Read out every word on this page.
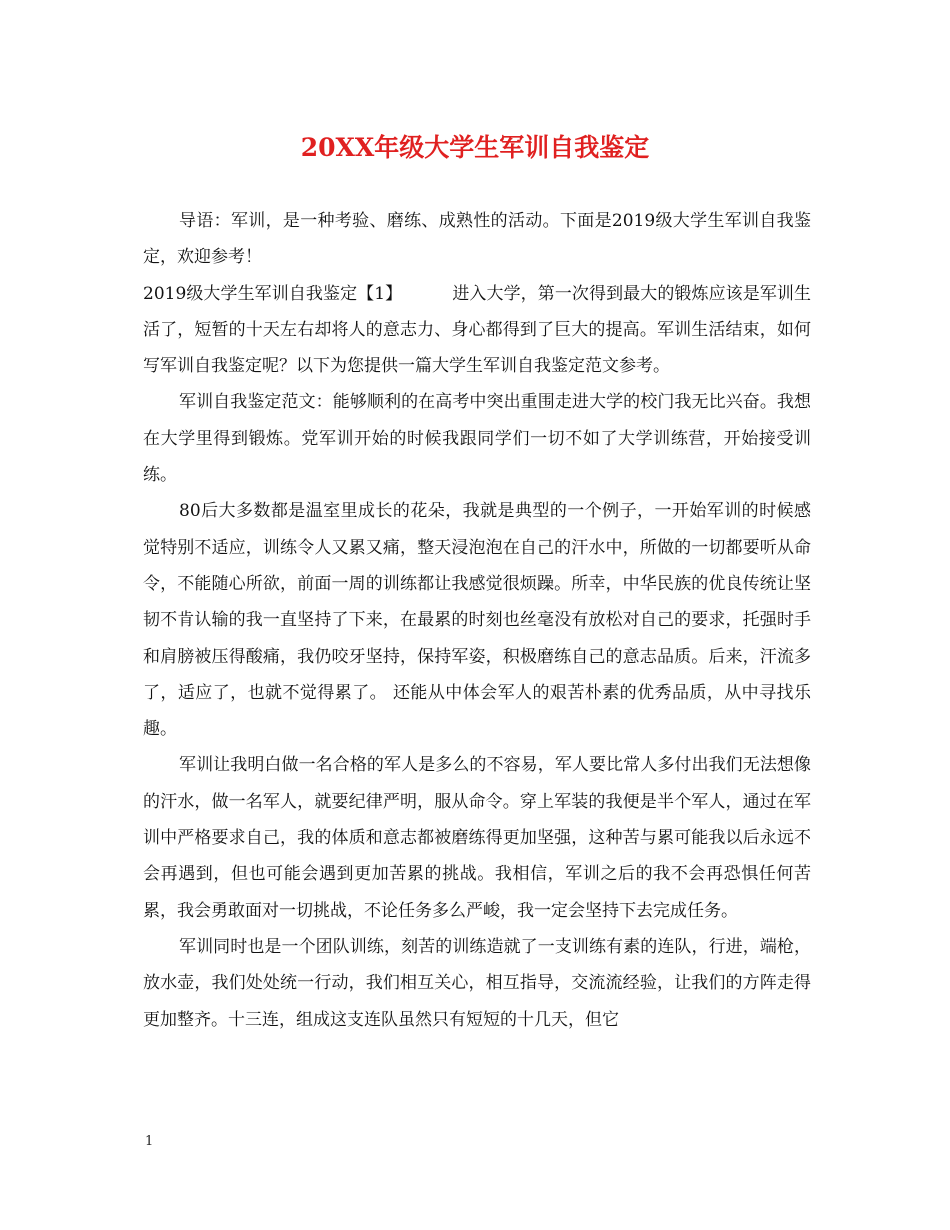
20XX年级大学生军训自我鉴定

导语：军训，是一种考验、磨练、成熟性的活动。下面是2019级大学生军训自我鉴定，欢迎参考！

2019级大学生军训自我鉴定【1】	进入大学，第一次得到最大的锻炼应该是军训生活了，短暂的十天左右却将人的意志力、身心都得到了巨大的提高。军训生活结束，如何写军训自我鉴定呢？以下为您提供一篇大学生军训自我鉴定范文参考。

军训自我鉴定范文：能够顺利的在高考中突出重围走进大学的校门我无比兴奋。我想在大学里得到锻炼。党军训开始的时候我跟同学们一切不如了大学训练营，开始接受训练。

80后大多数都是温室里成长的花朵，我就是典型的一个例子，一开始军训的时候感觉特别不适应，训练令人又累又痛，整天浸泡泡在自己的汗水中，所做的一切都要听从命令，不能随心所欲，前面一周的训练都让我感觉很烦躁。所幸，中华民族的优良传统让坚韧不肯认输的我一直坚持了下来，在最累的时刻也丝毫没有放松对自己的要求，托强时手和肩膀被压得酸痛，我仍咬牙坚持，保持军姿，积极磨练自己的意志品质。后来，汗流多了，适应了，也就不觉得累了。 还能从中体会军人的艰苦朴素的优秀品质，从中寻找乐趣。

军训让我明白做一名合格的军人是多么的不容易，军人要比常人多付出我们无法想像的汗水，做一名军人，就要纪律严明，服从命令。穿上军装的我便是半个军人，通过在军训中严格要求自己，我的体质和意志都被磨练得更加坚强，这种苦与累可能我以后永远不会再遇到，但也可能会遇到更加苦累的挑战。我相信，军训之后的我不会再恐惧任何苦累，我会勇敢面对一切挑战，不论任务多么严峻，我一定会坚持下去完成任务。

军训同时也是一个团队训练，刻苦的训练造就了一支训练有素的连队，行进，端枪，放水壶，我们处处统一行动，我们相互关心，相互指导，交流流经验，让我们的方阵走得更加整齐。十三连，组成这支连队虽然只有短短的十几天，但它

1
